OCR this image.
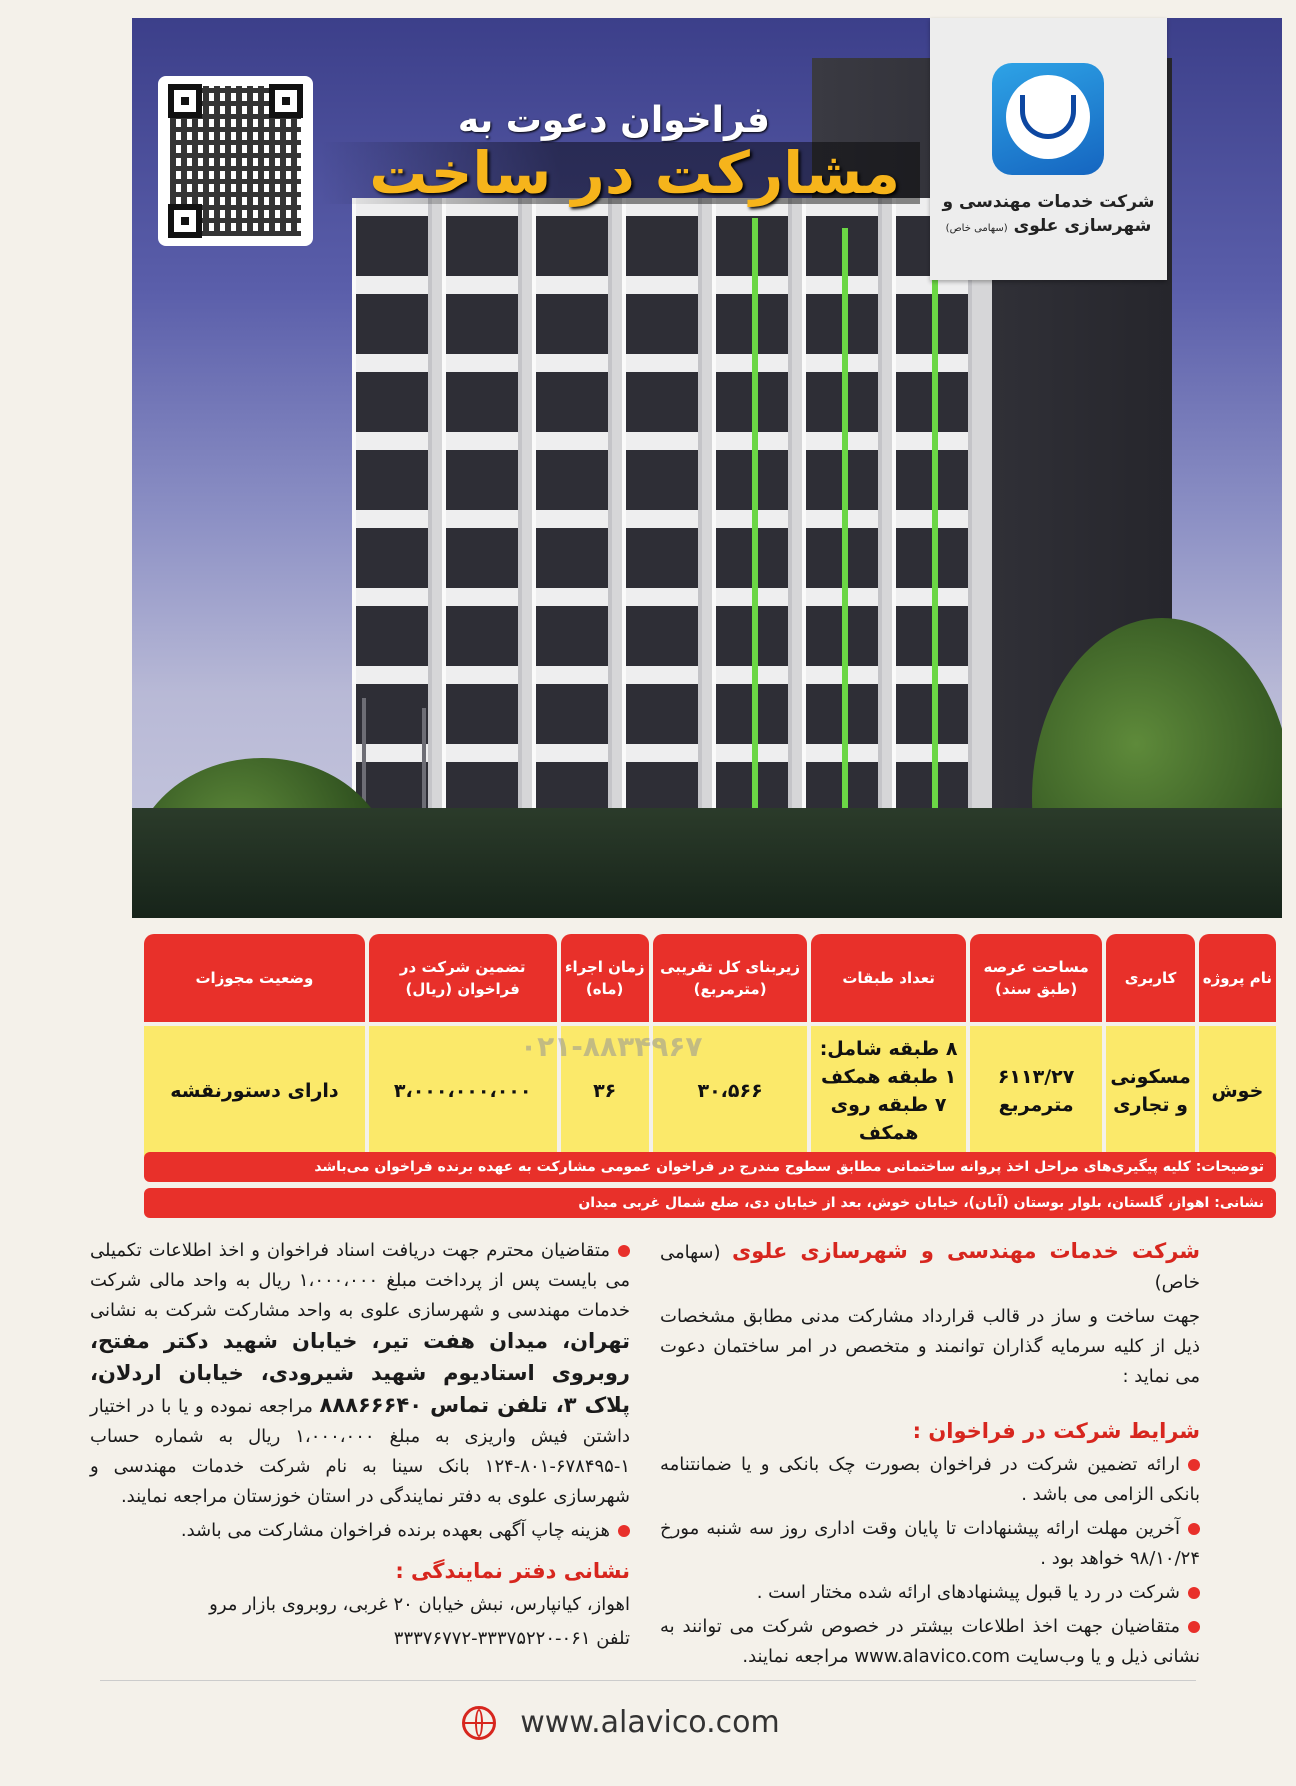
فراخوان دعوت به
مشارکت در ساخت	شرکت خدمات مهندسی و
شهرسازی علوی (سهامی خاص)
نام پروژه	کاربری	مساحت عرصه (طبق سند)	تعداد طبقات	زیربنای کل تقریبی (مترمربع)	زمان اجراء (ماه)	تضمین شرکت در فراخوان (ریال)	وضعیت مجوزات
خوش	مسکونی و تجاری	۶۱۱۳/۲۷ مترمربع	۸ طبقه شامل: ۱ طبقه همکف ۷ طبقه روی همکف	۳۰،۵۶۶	۳۶	۳،۰۰۰،۰۰۰،۰۰۰	دارای دستورنقشه
۰۲۱-۸۸۳۴۹۶۷
توضیحات: کلیه پیگیری‌های مراحل اخذ پروانه ساختمانی مطابق سطوح مندرج در فراخوان عمومی مشارکت به عهده برنده فراخوان می‌باشد
نشانی: اهواز، گلستان، بلوار بوستان (آبان)، خیابان خوش، بعد از خیابان دی، ضلع شمال غربی میدان

شرکت خدمات مهندسی و شهرسازی علوی (سهامی خاص)

جهت ساخت و ساز در قالب قرارداد مشارکت مدنی مطابق مشخصات ذیل از کلیه سرمایه گذاران توانمند و متخصص در امر ساختمان دعوت می نماید :

شرایط شرکت در فراخوان :

ارائه تضمین شرکت در فراخوان بصورت چک بانکی و یا ضمانتنامه بانکی الزامی می باشد .

آخرین مهلت ارائه پیشنهادات تا پایان وقت اداری روز سه شنبه مورخ ۹۸/۱۰/۲۴ خواهد بود .

شرکت در رد یا قبول پیشنهادهای ارائه شده مختار است .

متقاضیان جهت اخذ اطلاعات بیشتر در خصوص شرکت می توانند به نشانی ذیل و یا وب‌سایت www.alavico.com مراجعه نمایند.

متقاضیان محترم جهت دریافت اسناد فراخوان و اخذ اطلاعات تکمیلی می بایست پس از پرداخت مبلغ ۱،۰۰۰،۰۰۰ ریال به واحد مالی شرکت خدمات مهندسی و شهرسازی علوی به واحد مشارکت شرکت به نشانی تهران، میدان هفت تیر، خیابان شهید دکتر مفتح، روبروی استادیوم شهید شیرودی، خیابان اردلان، پلاک ۳، تلفن تماس ۸۸۸۶۶۶۴۰ مراجعه نموده و یا با در اختیار داشتن فیش واریزی به مبلغ ۱،۰۰۰،۰۰۰ ریال به شماره حساب ۱-۶۷۸۴۹۵-۸۰۱-۱۲۴ بانک سینا به نام شرکت خدمات مهندسی و شهرسازی علوی به دفتر نمایندگی در استان خوزستان مراجعه نمایند.

هزینه چاپ آگهی بعهده برنده فراخوان مشارکت می باشد.

نشانی دفتر نمایندگی :

اهواز، کیانپارس، نبش خیابان ۲۰ غربی، روبروی بازار مرو

تلفن ۰۶۱-۳۳۳۷۵۲۲۰-۳۳۳۷۶۷۷۲

www.alavico.com
